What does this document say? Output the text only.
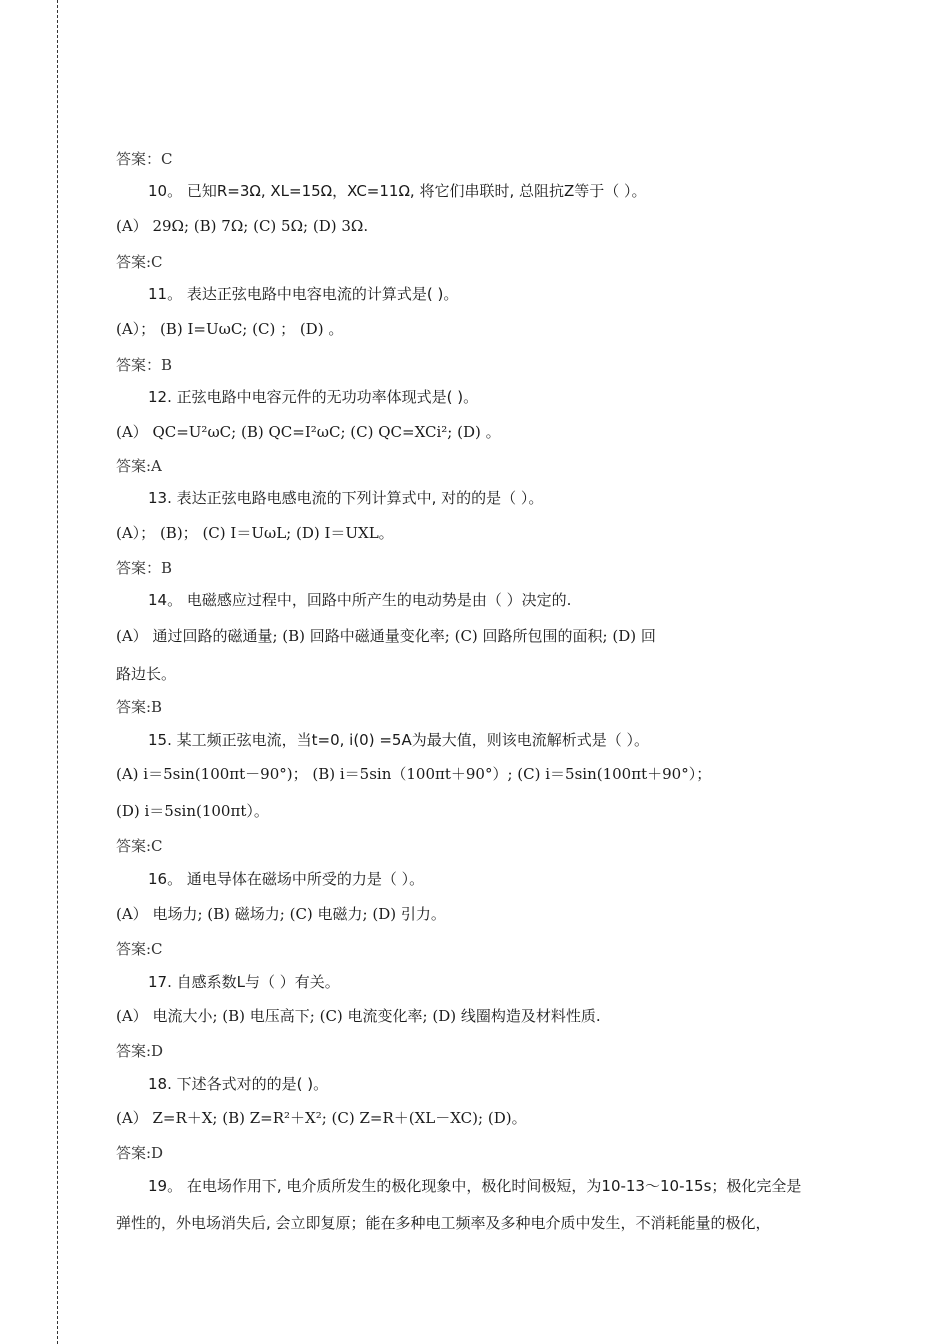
答案：C
10。 已知R=3Ω, XL=15Ω，XC=11Ω, 将它们串联时, 总阻抗Z等于（ ）。
(A） 29Ω; (B) 7Ω; (C) 5Ω; (D) 3Ω.
答案:C
11。 表达正弦电路中电容电流的计算式是( )。
(A）； (B) I=UωC; (C) ； (D) 。
答案：B
12. 正弦电路中电容元件的无功功率体现式是( )。
(A） QC=U²ωC; (B) QC=I²ωC; (C) QC=XCi²; (D) 。
答案:A
13. 表达正弦电路电感电流的下列计算式中, 对的的是（ ）。
(A）； (B)； (C) I＝UωL; (D) I＝UXL。
答案：B
14。 电磁感应过程中，回路中所产生的电动势是由（ ）决定的.
(A） 通过回路的磁通量; (B) 回路中磁通量变化率; (C) 回路所包围的面积; (D) 回
路边长。
答案:B
15. 某工频正弦电流，当t=0, i(0) =5A为最大值，则该电流解析式是（ ）。
(A) i＝5sin(100πt－90°)； (B) i＝5sin（100πt＋90°）; (C) i＝5sin(100πt＋90°）；
(D) i＝5sin(100πt）。
答案:C
16。 通电导体在磁场中所受的力是（ ）。
(A） 电场力; (B) 磁场力; (C) 电磁力; (D) 引力。
答案:C
17. 自感系数L与（ ）有关。
(A） 电流大小; (B) 电压高下; (C) 电流变化率; (D) 线圈构造及材料性质.
答案:D
18. 下述各式对的的是( )。
(A） Z=R＋X; (B) Z=R²＋X²; (C) Z=R＋(XL－XC); (D)。
答案:D
19。 在电场作用下, 电介质所发生的极化现象中，极化时间极短，为10-13～10-15s；极化完全是
弹性的，外电场消失后, 会立即复原；能在多种电工频率及多种电介质中发生，不消耗能量的极化，
